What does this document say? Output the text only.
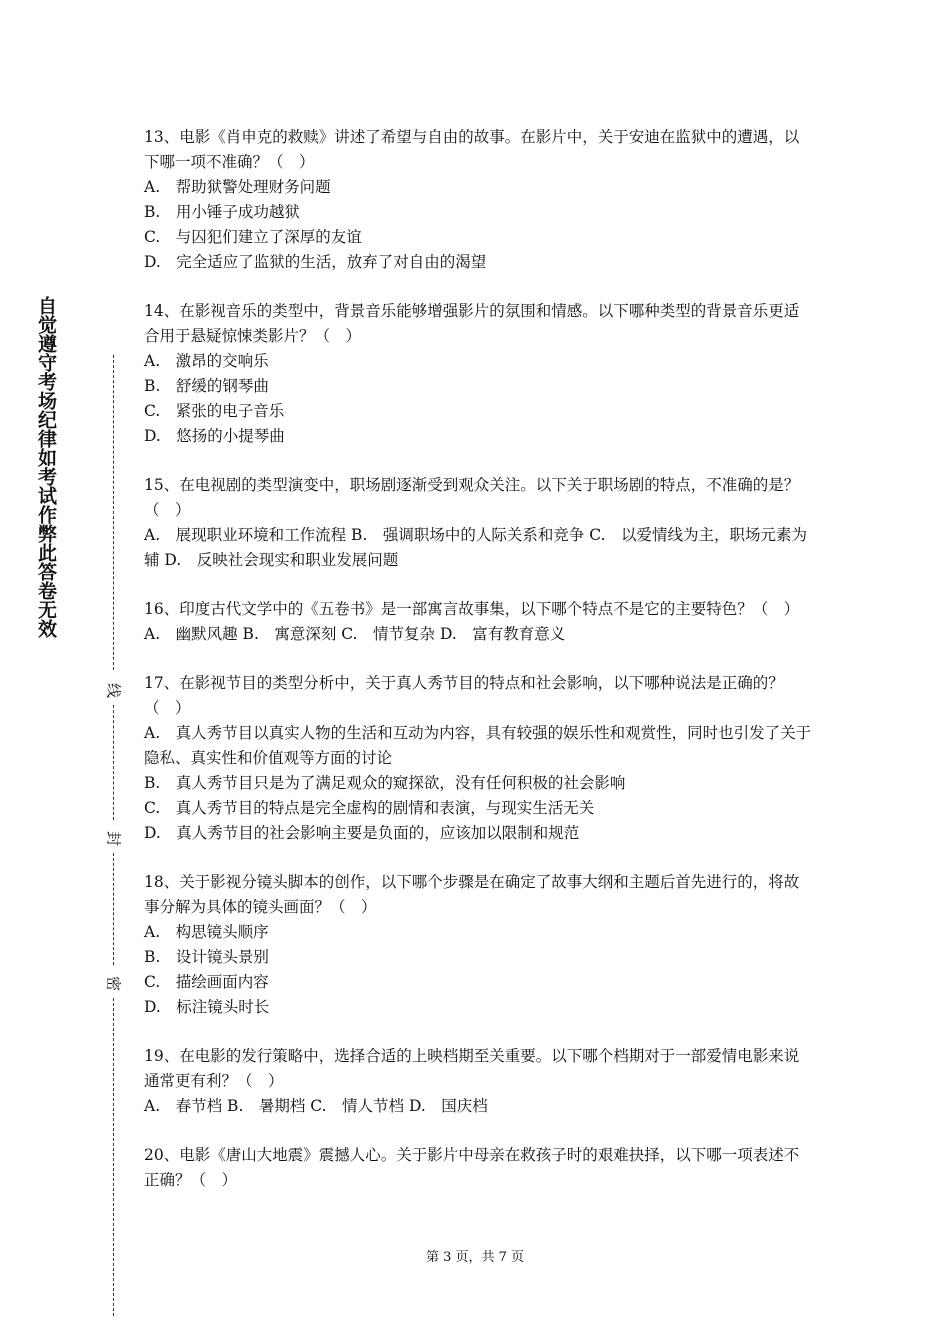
自觉遵守考场纪律如考试作弊此答卷无效
线
封
密

13、电影《肖申克的救赎》讲述了希望与自由的故事。在影片中，关于安迪在监狱中的遭遇，以下哪一项不准确？（　）

A.　帮助狱警处理财务问题

B.　用小锤子成功越狱

C.　与囚犯们建立了深厚的友谊

D.　完全适应了监狱的生活，放弃了对自由的渴望

14、在影视音乐的类型中，背景音乐能够增强影片的氛围和情感。以下哪种类型的背景音乐更适合用于悬疑惊悚类影片？（　）

A.　激昂的交响乐

B.　舒缓的钢琴曲

C.　紧张的电子音乐

D.　悠扬的小提琴曲

15、在电视剧的类型演变中，职场剧逐渐受到观众关注。以下关于职场剧的特点，不准确的是？（　）

A.　展现职业环境和工作流程 B.　强调职场中的人际关系和竞争 C.　以爱情线为主，职场元素为辅 D.　反映社会现实和职业发展问题

16、印度古代文学中的《五卷书》是一部寓言故事集，以下哪个特点不是它的主要特色？（　）

A.　幽默风趣 B.　寓意深刻 C.　情节复杂 D.　富有教育意义

17、在影视节目的类型分析中，关于真人秀节目的特点和社会影响，以下哪种说法是正确的？（　）

A.　真人秀节目以真实人物的生活和互动为内容，具有较强的娱乐性和观赏性，同时也引发了关于隐私、真实性和价值观等方面的讨论

B.　真人秀节目只是为了满足观众的窥探欲，没有任何积极的社会影响

C.　真人秀节目的特点是完全虚构的剧情和表演，与现实生活无关

D.　真人秀节目的社会影响主要是负面的，应该加以限制和规范

18、关于影视分镜头脚本的创作，以下哪个步骤是在确定了故事大纲和主题后首先进行的，将故事分解为具体的镜头画面？（　）

A.　构思镜头顺序

B.　设计镜头景别

C.　描绘画面内容

D.　标注镜头时长

19、在电影的发行策略中，选择合适的上映档期至关重要。以下哪个档期对于一部爱情电影来说通常更有利？（　）

A.　春节档 B.　暑期档 C.　情人节档 D.　国庆档

20、电影《唐山大地震》震撼人心。关于影片中母亲在救孩子时的艰难抉择，以下哪一项表述不正确？（　）

第 3 页，共 7 页
